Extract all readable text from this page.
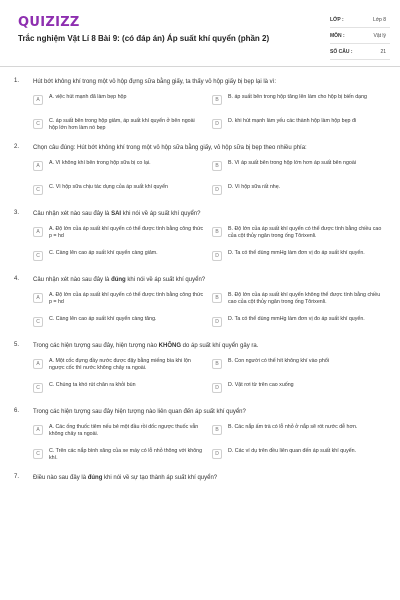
QUIZIZZ
Trắc nghiệm Vật Lí 8 Bài 9: (có đáp án) Áp suất khí quyển (phần 2)
LỚP :	Lớp 8
MÔN :	Vật lý
SỐ CÂU :	21
1. Hút bớt không khí trong một vỏ hộp đựng sữa bằng giấy, ta thấy vỏ hộp giấy bị bẹp lại là vì:
A	A. việc hút mạnh đã làm bẹp hộp	B	B. áp suất bên trong hộp tăng lên làm cho hộp bị biến dạng
C	C. áp suất bên trong hộp giảm, áp suất khí quyển ở bên ngoài hộp lớn hơn làm nó bẹp
D	D. khi hút mạnh làm yếu các thành hộp làm hộp bẹp đi
2. Chọn câu đúng: Hút bớt không khí trong một vỏ hộp sữa bằng giấy, vỏ hộp sữa bị bẹp theo nhiều phía:
A	A. Vì không khí bên trong hộp sữa bị co lại.	B	B. Vì áp suất bên trong hộp lớn hơn áp suất bên ngoài
C	C. Vì hộp sữa chịu tác dụng của áp suất khí quyển	D	D. Vì hộp sữa rất nhẹ.
3. Câu nhận xét nào sau đây là SAI khi nói về áp suất khí quyển?
A	A. Độ lớn của áp suất khí quyển có thể được tính bằng công thức p = hd
B	B. Độ lớn của áp suất khí quyển có thể được tính bằng chiều cao của cột thủy ngân trong ống Tôrixenli.
C	C. Càng lên cao áp suất khí quyển càng giảm.	D	D. Ta có thể dùng mmHg làm đơn vị đo áp suất khí quyển.
4. Câu nhận xét nào sau đây là đúng khi nói về áp suất khí quyển?
A	A. Độ lớn của áp suất khí quyển có thể được tính bằng công thức p = hd
B	B. Độ lớn của áp suất khí quyển không thể được tính bằng chiều cao của cột thủy ngân trong ống Tôrixenli.
C	C. Càng lên cao áp suất khí quyển càng tăng.	D	D. Ta có thể dùng mmHg làm đơn vị đo áp suất khí quyển.
5. Trong các hiện tượng sau đây, hiện tượng nào KHÔNG do áp suất khí quyển gây ra.
A	A. Một cốc đựng đầy nước được đậy bằng miếng bìa khi lộn ngược cốc thì nước không chảy ra ngoài.
B	B. Con người có thể hít không khí vào phổi
C	C. Chúng ta khó rút chân ra khỏi bùn	D	D. Vật rơi từ trên cao xuống
6. Trong các hiện tượng sau đây hiện tượng nào liên quan đến áp suất khí quyển?
A	A. Các ống thuốc tiêm nếu bẻ một đầu rồi dốc ngược thuốc vẫn không chảy ra ngoài.
B	B. Các nắp ấm trà có lỗ nhỏ ở nắp sẽ rót nước dễ hơn.
C	C. Trên các nắp bình xăng của xe máy có lỗ nhỏ thông với không khí.
D	D. Các ví dụ trên đều liên quan đến áp suất khí quyển.
7. Điều nào sau đây là đúng khi nói về sự tạo thành áp suất khí quyển?
